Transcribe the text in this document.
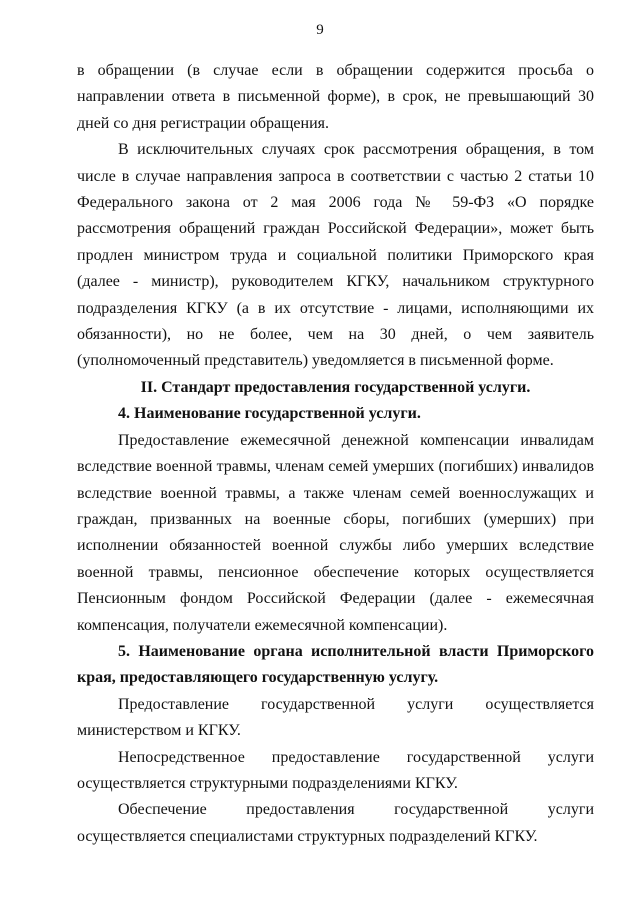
9

в обращении (в случае если в обращении содержится просьба о направлении ответа в письменной форме), в срок, не превышающий 30 дней со дня регистрации обращения.

В исключительных случаях срок рассмотрения обращения, в том числе в случае направления запроса в соответствии с частью 2 статьи 10 Федерального закона от 2 мая 2006 года № 59-ФЗ «О порядке рассмотрения обращений граждан Российской Федерации», может быть продлен министром труда и социальной политики Приморского края (далее - министр), руководителем КГКУ, начальником структурного подразделения КГКУ (а в их отсутствие - лицами, исполняющими их обязанности), но не более, чем на 30 дней, о чем заявитель (уполномоченный представитель) уведомляется в письменной форме.

II. Стандарт предоставления государственной услуги.

4. Наименование государственной услуги.

Предоставление ежемесячной денежной компенсации инвалидам вследствие военной травмы, членам семей умерших (погибших) инвалидов вследствие военной травмы, а также членам семей военнослужащих и граждан, призванных на военные сборы, погибших (умерших) при исполнении обязанностей военной службы либо умерших вследствие военной травмы, пенсионное обеспечение которых осуществляется Пенсионным фондом Российской Федерации (далее - ежемесячная компенсация, получатели ежемесячной компенсации).

5. Наименование органа исполнительной власти Приморского края, предоставляющего государственную услугу.

Предоставление государственной услуги осуществляется министерством и КГКУ.

Непосредственное предоставление государственной услуги осуществляется структурными подразделениями КГКУ.

Обеспечение предоставления государственной услуги осуществляется специалистами структурных подразделений КГКУ.
